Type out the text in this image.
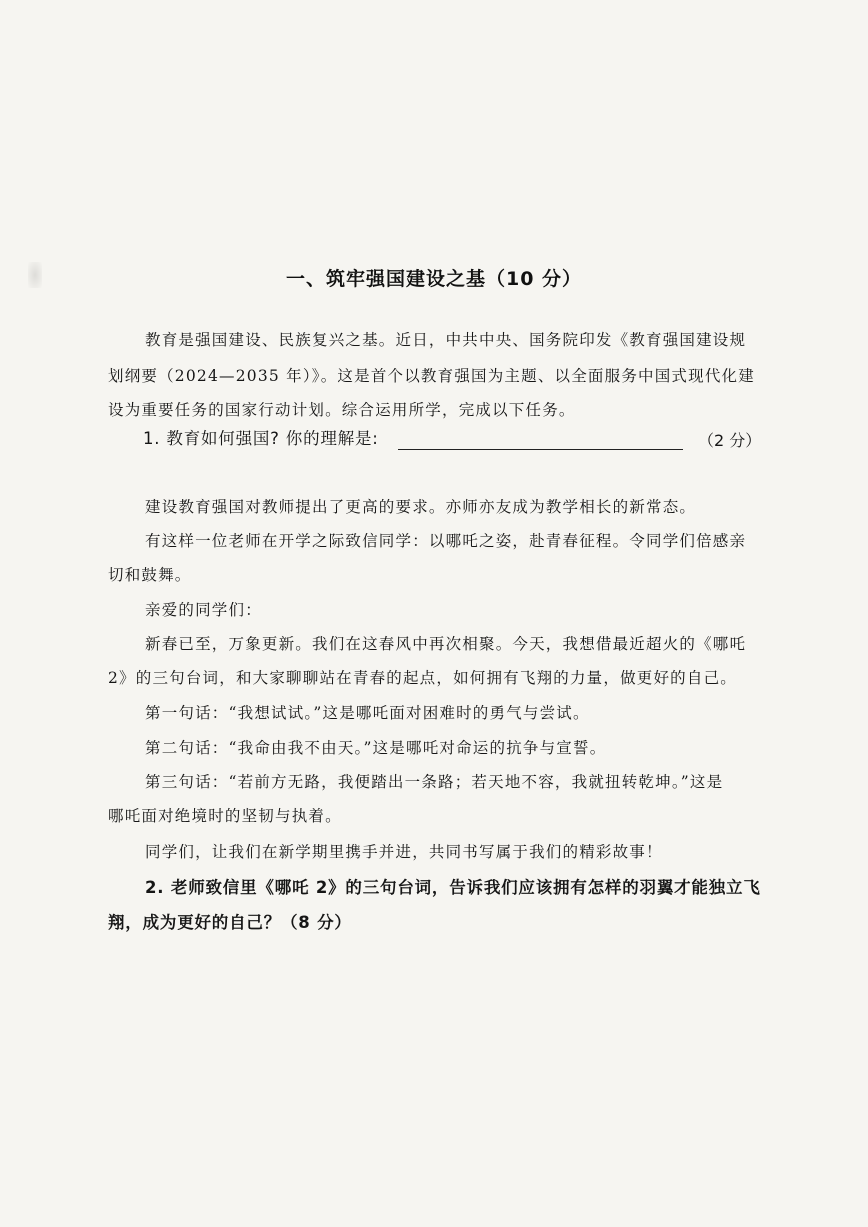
一、筑牢强国建设之基（10 分）
教育是强国建设、民族复兴之基。近日，中共中央、国务院印发《教育强国建设规
划纲要（2024—2035 年）》。这是首个以教育强国为主题、以全面服务中国式现代化建
设为重要任务的国家行动计划。综合运用所学，完成以下任务。
1. 教育如何强国? 你的理解是:	（2 分）
建设教育强国对教师提出了更高的要求。亦师亦友成为教学相长的新常态。
有这样一位老师在开学之际致信同学：以哪吒之姿，赴青春征程。令同学们倍感亲
切和鼓舞。
亲爱的同学们：
新春已至，万象更新。我们在这春风中再次相聚。今天，我想借最近超火的《哪吒
2》的三句台词，和大家聊聊站在青春的起点，如何拥有飞翔的力量，做更好的自己。
第一句话：“我想试试。”这是哪吒面对困难时的勇气与尝试。
第二句话：“我命由我不由天。”这是哪吒对命运的抗争与宣誓。
第三句话：“若前方无路，我便踏出一条路；若天地不容，我就扭转乾坤。”这是
哪吒面对绝境时的坚韧与执着。
同学们，让我们在新学期里携手并进，共同书写属于我们的精彩故事！
2. 老师致信里《哪吒 2》的三句台词，告诉我们应该拥有怎样的羽翼才能独立飞
翔，成为更好的自己？（8 分）
